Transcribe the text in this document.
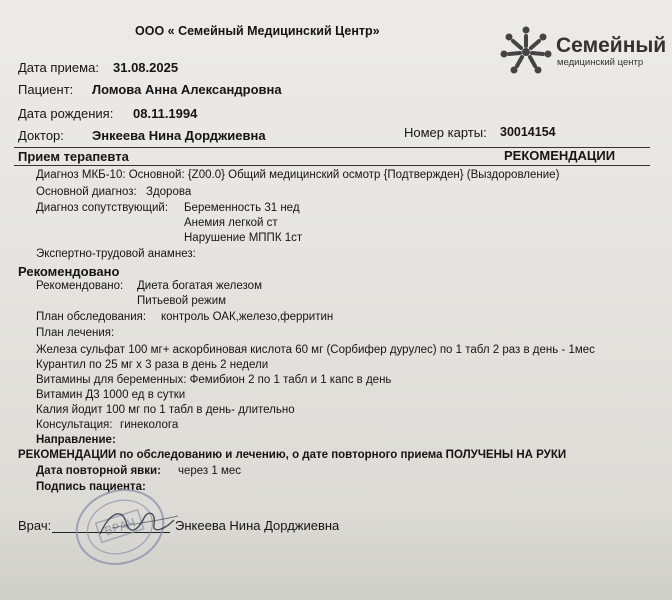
ООО « Семейный Медицинский Центр»
Семейный
медицинский центр
Дата приема: 31.08.2025
Пациент: Ломова Анна Александровна
Дата рождения: 08.11.1994
Доктор: Энкеева Нина Дорджиевна	Номер карты: 30014154
Прием терапевта	РЕКОМЕНДАЦИИ
Диагноз МКБ-10: Основной: {Z00.0} Общий медицинский осмотр {Подтвержден} (Выздоровление)
Основной диагноз: Здорова
Диагноз сопутствующий: Беременность 31 нед
Анемия легкой ст
Нарушение МППК 1ст
Экспертно-трудовой анамнез:
Рекомендовано
Рекомендовано: Диета богатая железом
Питьевой режим
План обследования: контроль ОАК,железо,ферритин
План лечения:
Железа сульфат 100 мг+ аскорбиновая кислота 60 мг (Сорбифер дурулес) по 1 табл 2 раз в день - 1мес
Курантил по 25 мг х 3 раза в день 2 недели
Витамины для беременных: Фемибион 2 по 1 табл и 1 капс в день
Витамин Д3 1000 ед в сутки
Калия йодит 100 мг по 1 табл в день- длительно
Консультация: гинеколога
Направление:
РЕКОМЕНДАЦИИ по обследованию и лечению, о дате повторного приема ПОЛУЧЕНЫ НА РУКИ
Дата повторной явки: через 1 мес
Подпись пациента:
Врач:	Энкеева Нина Дорджиевна
ВРАЧ
